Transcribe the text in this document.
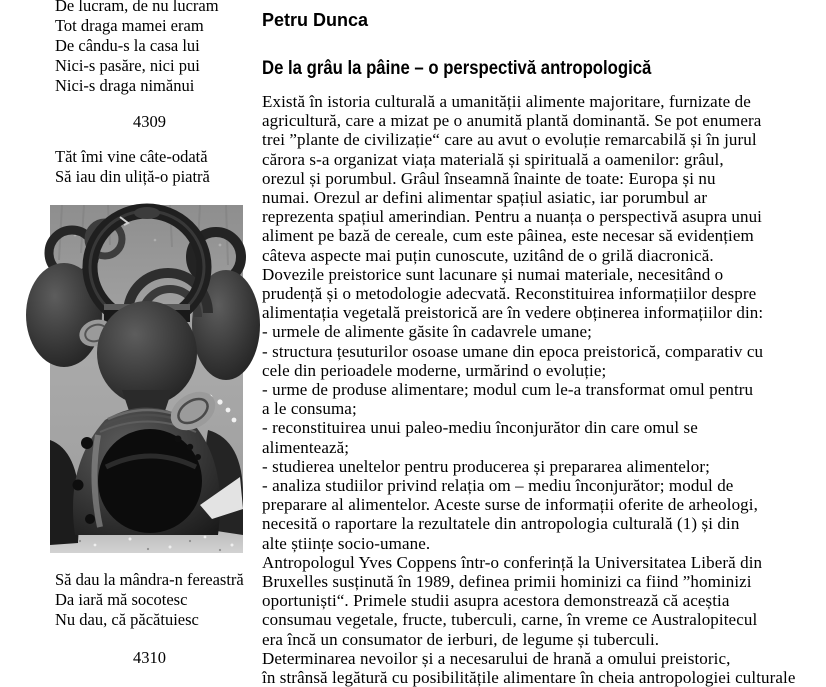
De lucram, de nu lucram
Tot draga mamei eram
De cându-s la casa lui
Nici-s pasăre, nici pui
Nici-s draga nimănui
4309
Tăt îmi vine câte-odată
Să iau din uliță-o piatră
Să dau la mândra-n fereastră
Da iară mă socotesc
Nu dau, că păcătuiesc
4310
Petru Dunca
De la grâu la pâine – o perspectivă antropologică
Există în istoria culturală a umanității alimente majoritare, furnizate de
agricultură, care a mizat pe o anumită plantă dominantă. Se pot enumera
trei ”plante de civilizație“ care au avut o evoluție remarcabilă și în jurul
cărora s-a organizat viața materială și spirituală a oamenilor: grâul,
orezul și porumbul. Grâul înseamnă înainte de toate: Europa și nu
numai. Orezul ar defini alimentar spațiul asiatic, iar porumbul ar
reprezenta spațiul amerindian. Pentru a nuanța o perspectivă asupra unui
aliment pe bază de cereale, cum este pâinea, este necesar să evidențiem
câteva aspecte mai puțin cunoscute, uzitând de o grilă diacronică.
Dovezile preistorice sunt lacunare și numai materiale, necesitând o
prudență și o metodologie adecvată. Reconstituirea informațiilor despre
alimentația vegetală preistorică are în vedere obținerea informațiilor din:
- urmele de alimente găsite în cadavrele umane;
- structura țesuturilor osoase umane din epoca preistorică, comparativ cu
cele din perioadele moderne, urmărind o evoluție;
- urme de produse alimentare; modul cum le-a transformat omul pentru
a le consuma;
- reconstituirea unui paleo-mediu înconjurător din care omul se
alimentează;
- studierea uneltelor pentru producerea și prepararea alimentelor;
- analiza studiilor privind relația om – mediu înconjurător; modul de
preparare al alimentelor. Aceste surse de informații oferite de arheologi,
necesită o raportare la rezultatele din antropologia culturală (1) și din
alte științe socio-umane.
Antropologul Yves Coppens într-o conferință la Universitatea Liberă din
Bruxelles susținută în 1989, definea primii hominizi ca fiind ”hominizi
oportuniști“. Primele studii asupra acestora demonstrează că aceștia
consumau vegetale, fructe, tuberculi, carne, în vreme ce Australopitecul
era încă un consumator de ierburi, de legume și tuberculi.
Determinarea nevoilor și a necesarului de hrană a omului preistoric,
în strânsă legătură cu posibilitățile alimentare în cheia antropologiei culturale
